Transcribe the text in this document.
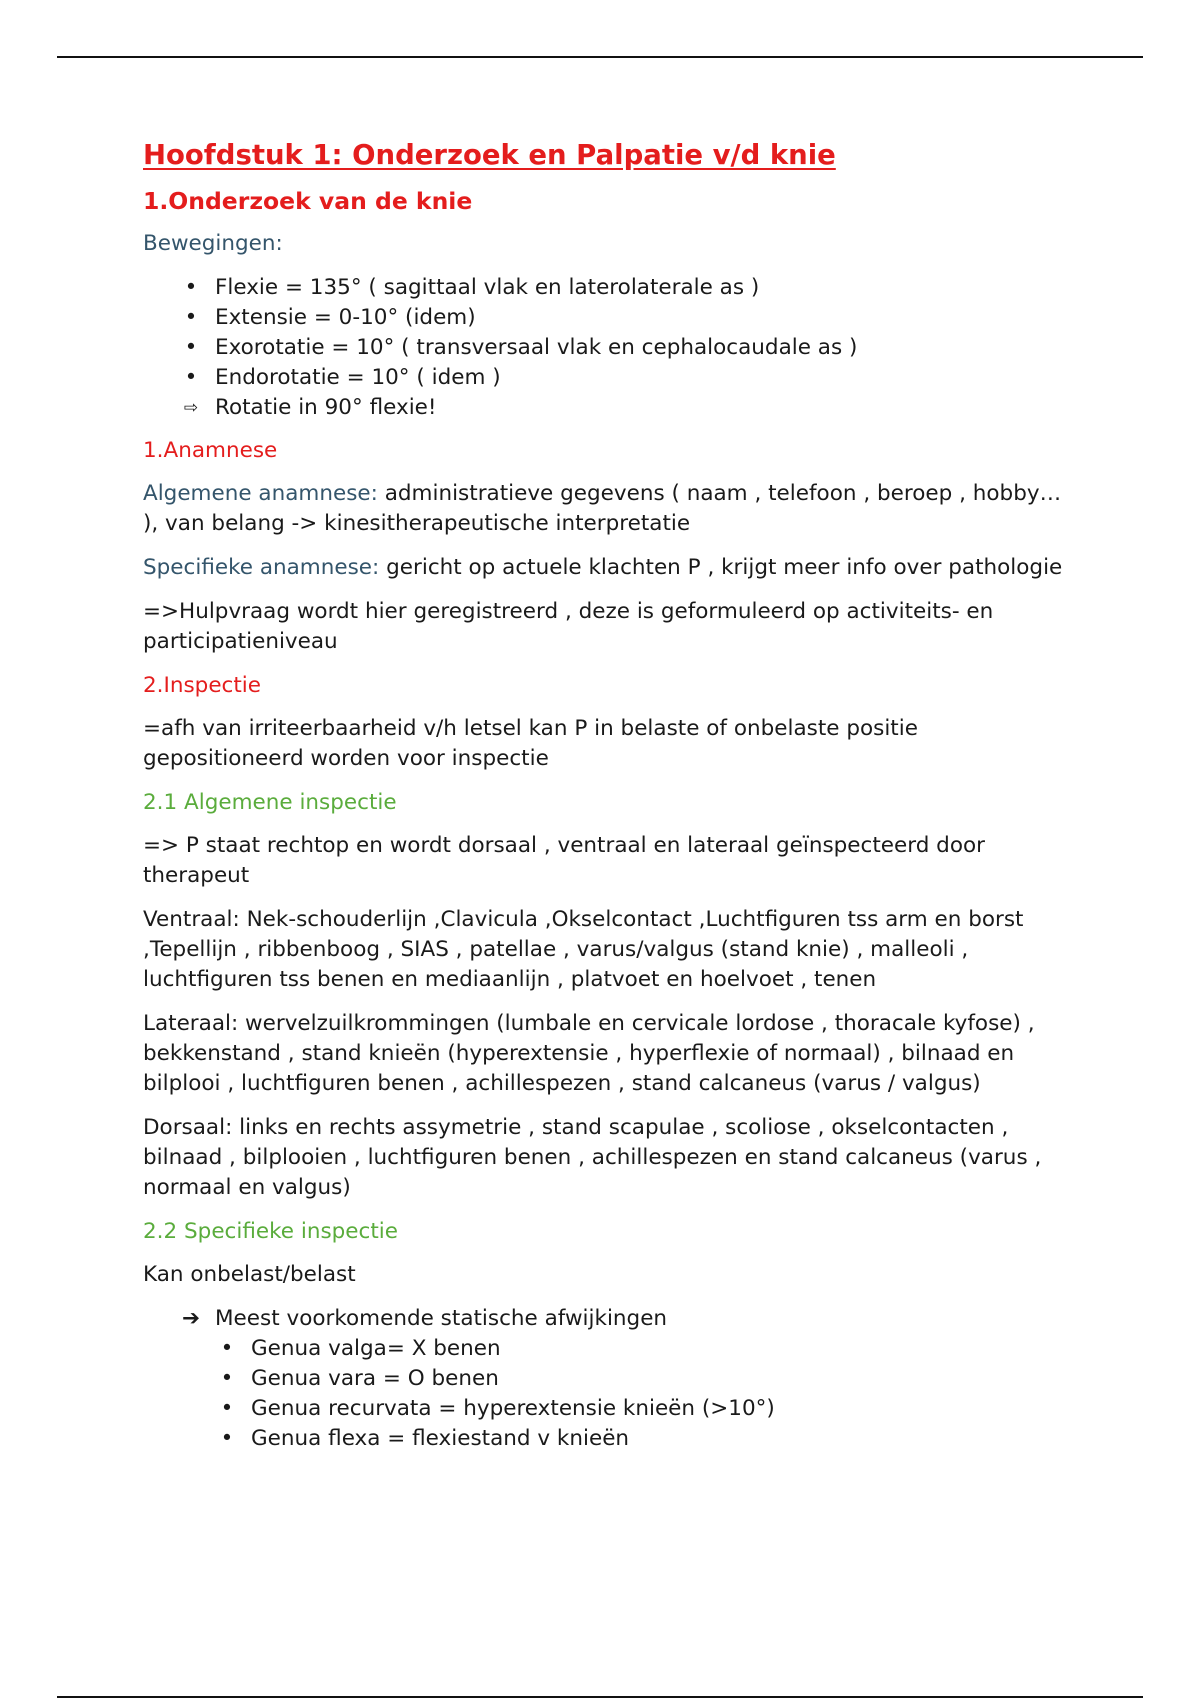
Hoofdstuk 1: Onderzoek en Palpatie v/d knie
1.Onderzoek van de knie

Bewegingen:

• Flexie = 135° ( sagittaal vlak en laterolaterale as )
• Extensie = 0-10° (idem)
• Exorotatie = 10° ( transversaal vlak en cephalocaudale as )
• Endorotatie = 10° ( idem )
⇨ Rotatie in 90° flexie!

1.Anamnese

Algemene anamnese: administratieve gegevens ( naam , telefoon , beroep , hobby… ), van belang -> kinesitherapeutische interpretatie

Specifieke anamnese: gericht op actuele klachten P , krijgt meer info over pathologie

=>Hulpvraag wordt hier geregistreerd , deze is geformuleerd op activiteits- en participatieniveau

2.Inspectie

=afh van irriteerbaarheid v/h letsel kan P in belaste of onbelaste positie gepositioneerd worden voor inspectie

2.1 Algemene inspectie

=> P staat rechtop en wordt dorsaal , ventraal en lateraal geïnspecteerd door therapeut

Ventraal: Nek-schouderlijn ,Clavicula ,Okselcontact ,Luchtfiguren tss arm en borst ,Tepellijn , ribbenboog , SIAS , patellae , varus/valgus (stand knie) , malleoli , luchtfiguren tss benen en mediaanlijn , platvoet en hoelvoet , tenen

Lateraal: wervelzuilkrommingen (lumbale en cervicale lordose , thoracale kyfose) , bekkenstand , stand knieën (hyperextensie , hyperflexie of normaal) , bilnaad en bilplooi , luchtfiguren benen , achillespezen , stand calcaneus (varus / valgus)

Dorsaal: links en rechts assymetrie , stand scapulae , scoliose , okselcontacten , bilnaad , bilplooien , luchtfiguren benen , achillespezen en stand calcaneus (varus , normaal en valgus)

2.2 Specifieke inspectie

Kan onbelast/belast

➔ Meest voorkomende statische afwijkingen
• Genua valga= X benen
• Genua vara = O benen
• Genua recurvata = hyperextensie knieën (>10°)
• Genua flexa = flexiestand v knieën
